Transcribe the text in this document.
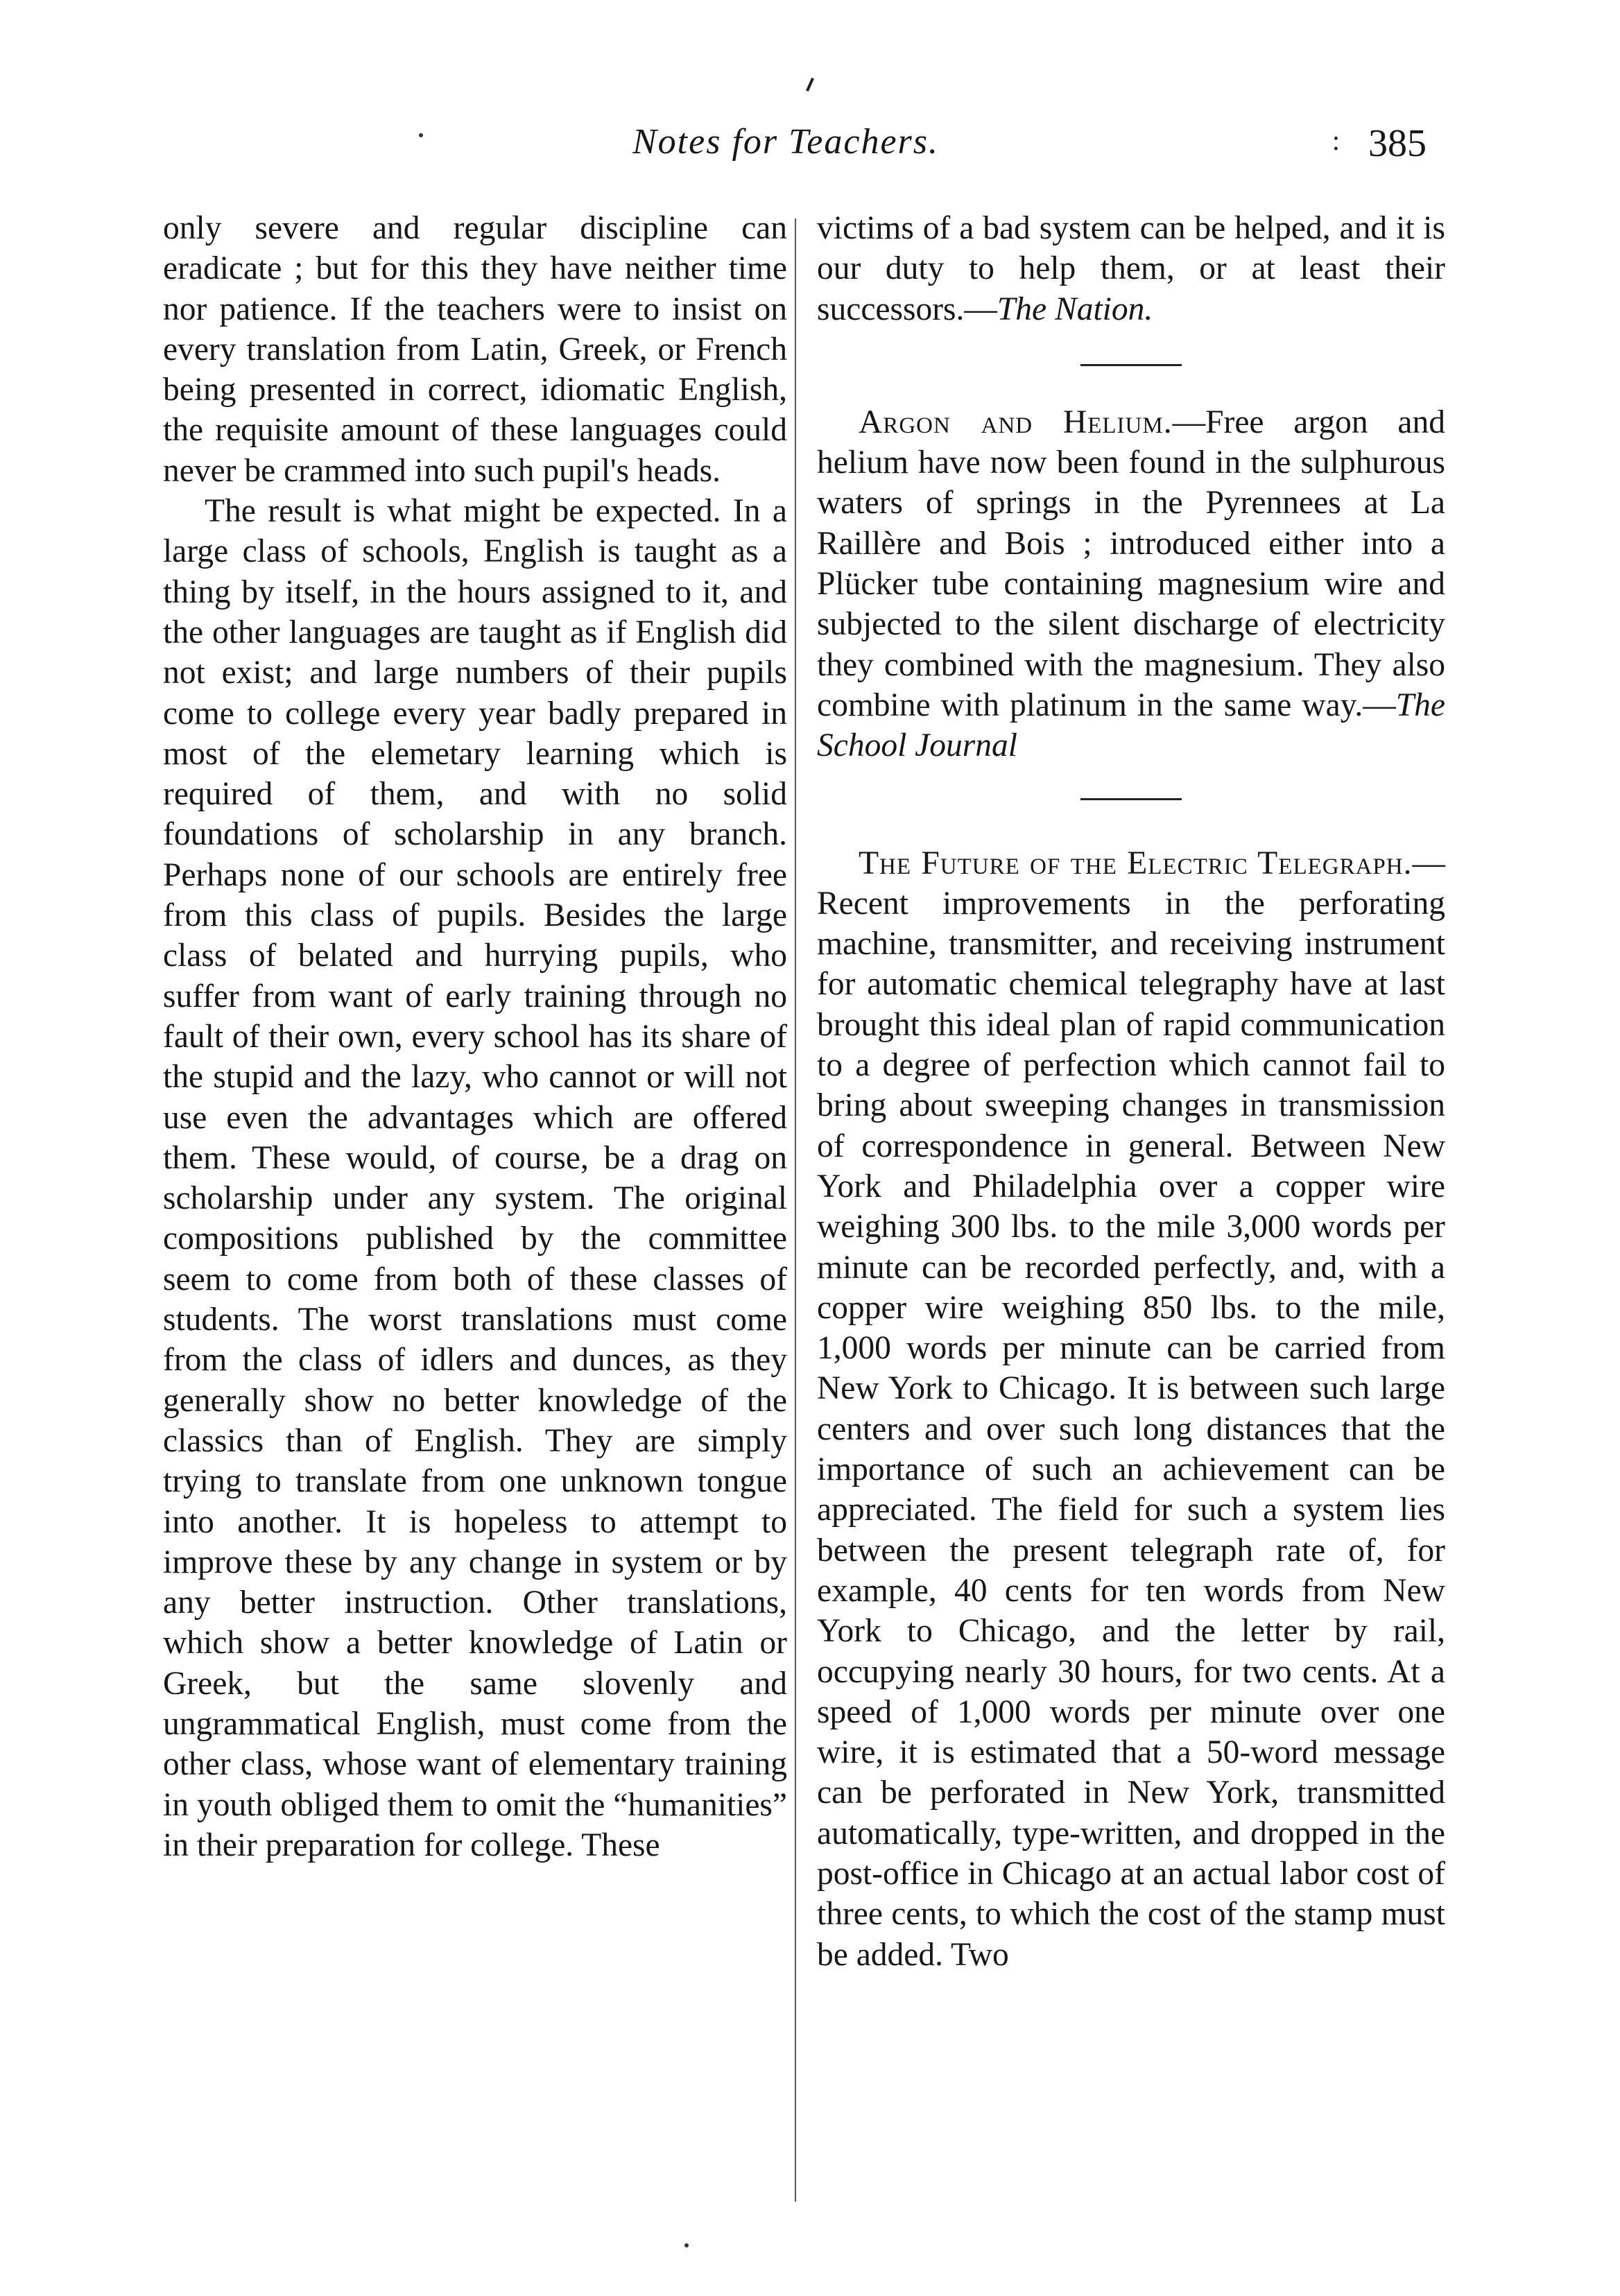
Notes for Teachers.	: 385

only severe and regular discipline can eradicate ; but for this they have neither time nor patience. If the teachers were to insist on every translation from Latin, Greek, or French being presented in correct, idiomatic English, the requisite amount of these languages could never be crammed into such pupil's heads.

The result is what might be expected. In a large class of schools, English is taught as a thing by itself, in the hours assigned to it, and the other languages are taught as if English did not exist; and large numbers of their pupils come to college every year badly prepared in most of the elemetary learning which is required of them, and with no solid foundations of scholarship in any branch. Perhaps none of our schools are entirely free from this class of pupils. Besides the large class of belated and hurrying pupils, who suffer from want of early training through no fault of their own, every school has its share of the stupid and the lazy, who cannot or will not use even the advantages which are offered them. These would, of course, be a drag on scholarship under any system. The original compositions published by the committee seem to come from both of these classes of students. The worst translations must come from the class of idlers and dunces, as they generally show no better knowledge of the classics than of English. They are simply trying to translate from one unknown tongue into another. It is hopeless to attempt to improve these by any change in system or by any better instruction. Other translations, which show a better knowledge of Latin or Greek, but the same slovenly and ungrammatical English, must come from the other class, whose want of elementary training in youth obliged them to omit the “humanities” in their preparation for college. These

victims of a bad system can be helped, and it is our duty to help them, or at least their successors.—The Nation.

Argon and Helium.—Free argon and helium have now been found in the sulphurous waters of springs in the Pyrennees at La Raillère and Bois ; introduced either into a Plücker tube containing magnesium wire and subjected to the silent discharge of electricity they combined with the magnesium. They also combine with platinum in the same way.—The School Journal

The Future of the Electric Telegraph.—Recent improvements in the perforating machine, transmitter, and receiving instrument for automatic chemical telegraphy have at last brought this ideal plan of rapid communication to a degree of perfection which cannot fail to bring about sweeping changes in transmission of correspondence in general. Between New York and Philadelphia over a copper wire weighing 300 lbs. to the mile 3,000 words per minute can be recorded perfectly, and, with a copper wire weighing 850 lbs. to the mile, 1,000 words per minute can be carried from New York to Chicago. It is between such large centers and over such long distances that the importance of such an achievement can be appreciated. The field for such a system lies between the present telegraph rate of, for example, 40 cents for ten words from New York to Chicago, and the letter by rail, occupying nearly 30 hours, for two cents. At a speed of 1,000 words per minute over one wire, it is estimated that a 50-word message can be perforated in New York, transmitted automatically, type-written, and dropped in the post-office in Chicago at an actual labor cost of three cents, to which the cost of the stamp must be added. Two
